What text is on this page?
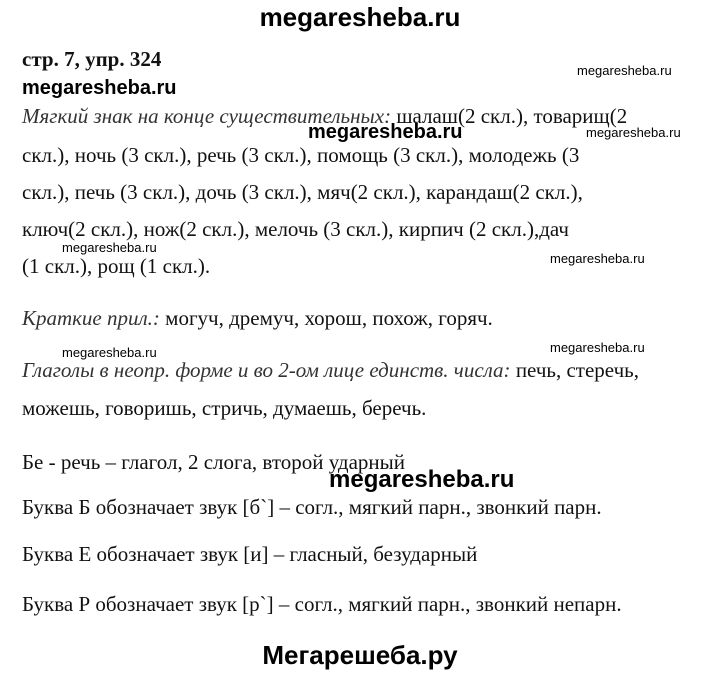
megaresheba.ru
стр. 7, упр. 324	megaresheba.ru
megaresheba.ru
Мягкий знак на конце существительных: шалаш(2 скл.), товарищ(2
megaresheba.ru	megaresheba.ru
скл.), ночь (3 скл.), речь (3 скл.), помощь (3 скл.), молодежь (3
скл.), печь (3 скл.), дочь (3 скл.), мяч(2 скл.), карандаш(2 скл.),
ключ(2 скл.), нож(2 скл.), мелочь (3 скл.), кирпич (2 скл.),дач
megaresheba.ru
megaresheba.ru
(1 скл.), рощ (1 скл.).
Краткие прил.: могуч, дремуч, хорош, похож, горяч.
megaresheba.ru	megaresheba.ru
Глаголы в неопр. форме и во 2-ом лице единств. числа: печь, стеречь,
можешь, говоришь, стричь, думаешь, беречь.
Бе - речь – глагол, 2 слога, второй ударный
megaresheba.ru
Буква Б обозначает звук [б`] – согл., мягкий парн., звонкий парн.
Буква Е обозначает звук [и] – гласный, безударный
Буква Р обозначает звук [р`] – согл., мягкий парн., звонкий непарн.
Мегарешеба.ру
